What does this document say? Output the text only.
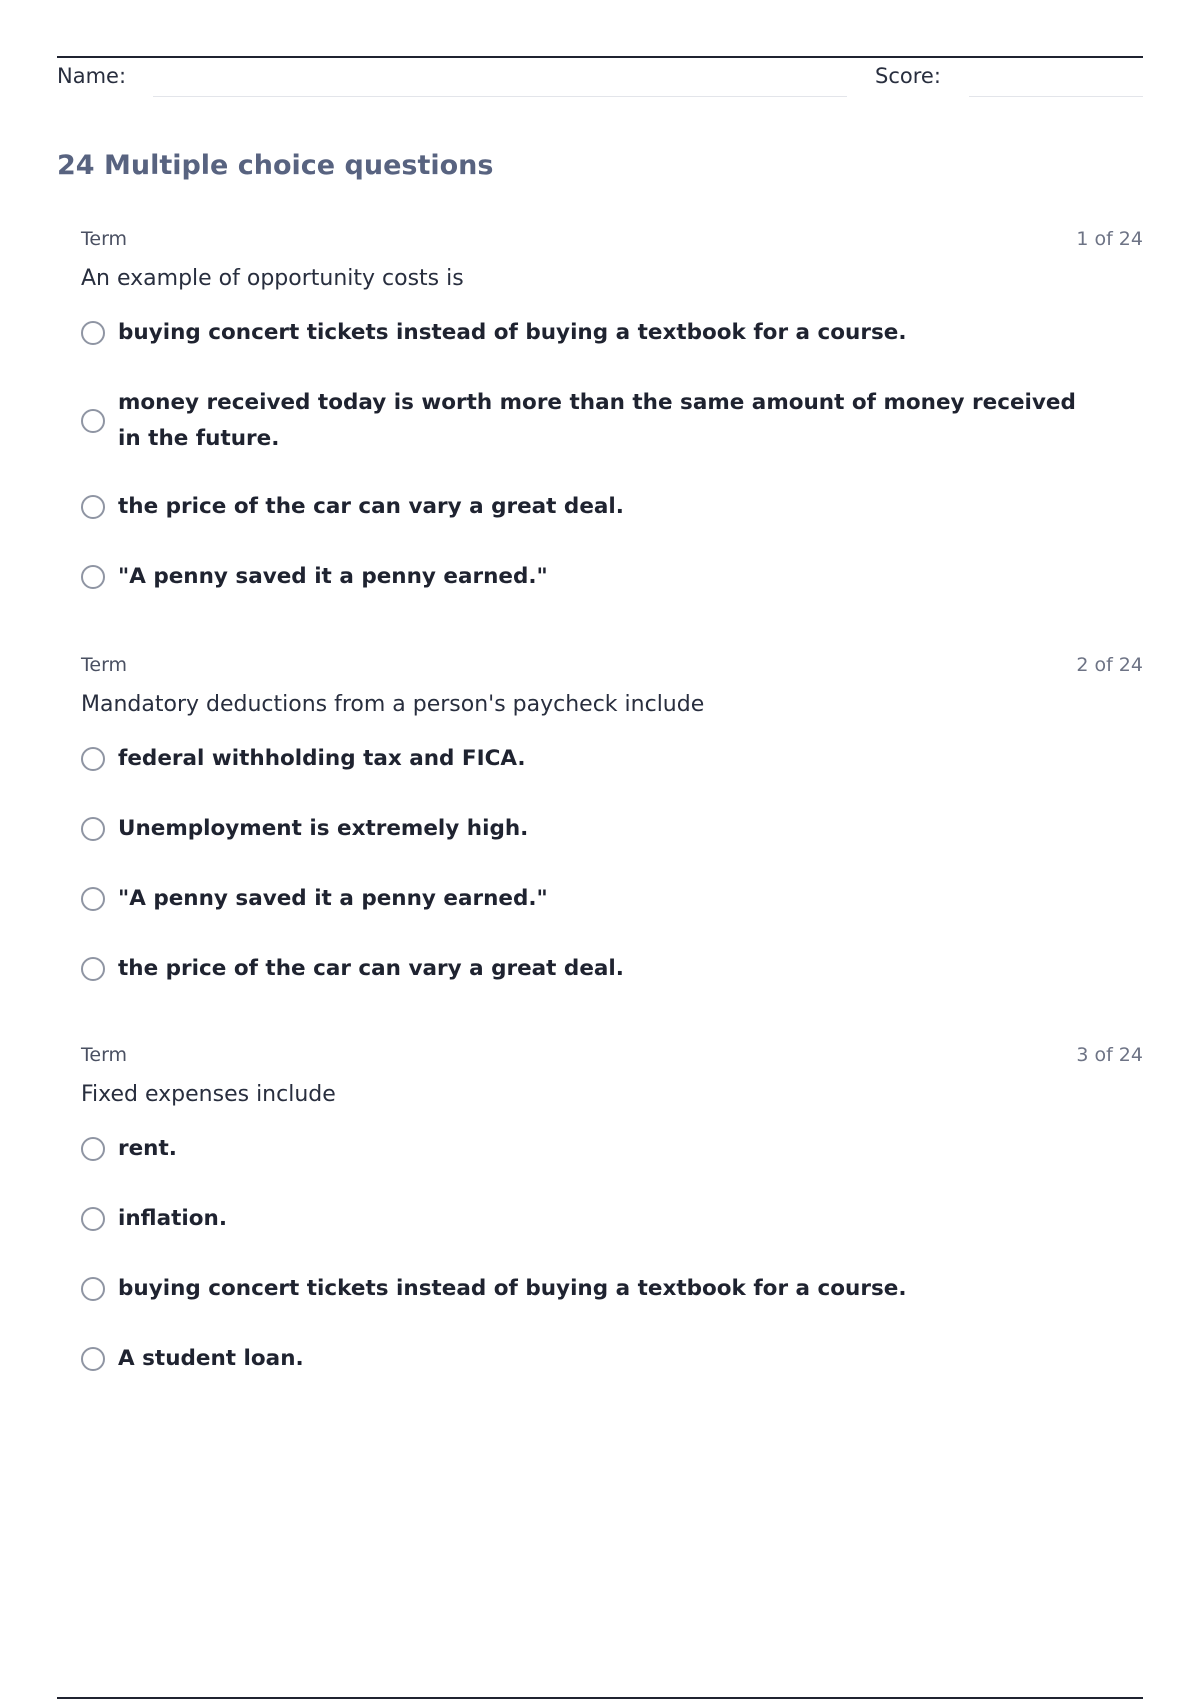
Name:	Score:
24 Multiple choice questions
Term	1 of 24
An example of opportunity costs is
buying concert tickets instead of buying a textbook for a course.
money received today is worth more than the same amount of money received in the future.
the price of the car can vary a great deal.
"A penny saved it a penny earned."
Term	2 of 24
Mandatory deductions from a person's paycheck include
federal withholding tax and FICA.
Unemployment is extremely high.
"A penny saved it a penny earned."
the price of the car can vary a great deal.
Term	3 of 24
Fixed expenses include
rent.
inflation.
buying concert tickets instead of buying a textbook for a course.
A student loan.
